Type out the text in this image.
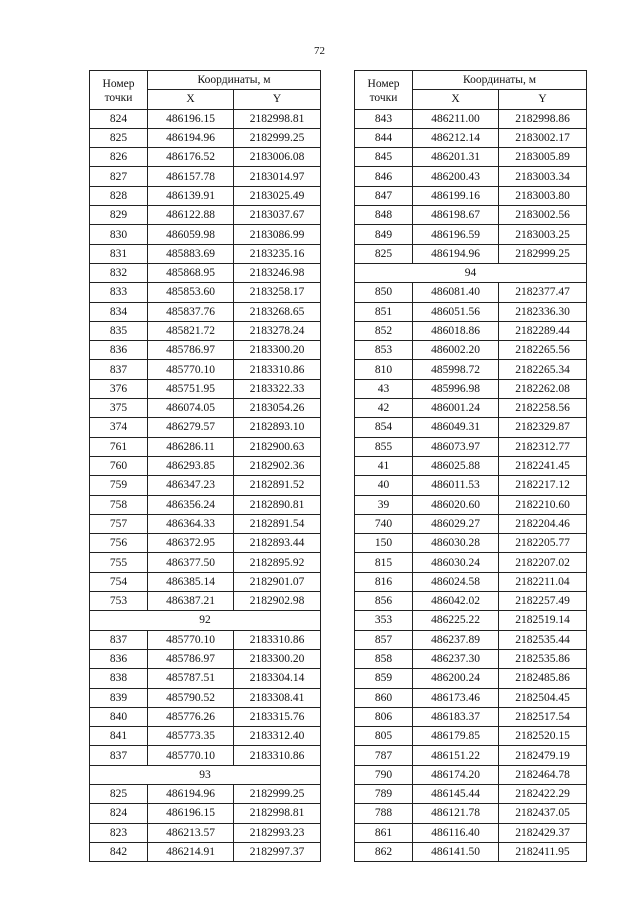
72
Номер
точки	Координаты, м	
	X	Y
824	486196.15	2182998.81
825	486194.96	2182999.25
826	486176.52	2183006.08
827	486157.78	2183014.97
828	486139.91	2183025.49
829	486122.88	2183037.67
830	486059.98	2183086.99
831	485883.69	2183235.16
832	485868.95	2183246.98
833	485853.60	2183258.17
834	485837.76	2183268.65
835	485821.72	2183278.24
836	485786.97	2183300.20
837	485770.10	2183310.86
376	485751.95	2183322.33
375	486074.05	2183054.26
374	486279.57	2182893.10
761	486286.11	2182900.63
760	486293.85	2182902.36
759	486347.23	2182891.52
758	486356.24	2182890.81
757	486364.33	2182891.54
756	486372.95	2182893.44
755	486377.50	2182895.92
754	486385.14	2182901.07
753	486387.21	2182902.98
92		
837	485770.10	2183310.86
836	485786.97	2183300.20
838	485787.51	2183304.14
839	485790.52	2183308.41
840	485776.26	2183315.76
841	485773.35	2183312.40
837	485770.10	2183310.86
93		
825	486194.96	2182999.25
824	486196.15	2182998.81
823	486213.57	2182993.23
842	486214.91	2182997.37
Номер
точки	Координаты, м	
	X	Y
843	486211.00	2182998.86
844	486212.14	2183002.17
845	486201.31	2183005.89
846	486200.43	2183003.34
847	486199.16	2183003.80
848	486198.67	2183002.56
849	486196.59	2183003.25
825	486194.96	2182999.25
94		
850	486081.40	2182377.47
851	486051.56	2182336.30
852	486018.86	2182289.44
853	486002.20	2182265.56
810	485998.72	2182265.34
43	485996.98	2182262.08
42	486001.24	2182258.56
854	486049.31	2182329.87
855	486073.97	2182312.77
41	486025.88	2182241.45
40	486011.53	2182217.12
39	486020.60	2182210.60
740	486029.27	2182204.46
150	486030.28	2182205.77
815	486030.24	2182207.02
816	486024.58	2182211.04
856	486042.02	2182257.49
353	486225.22	2182519.14
857	486237.89	2182535.44
858	486237.30	2182535.86
859	486200.24	2182485.86
860	486173.46	2182504.45
806	486183.37	2182517.54
805	486179.85	2182520.15
787	486151.22	2182479.19
790	486174.20	2182464.78
789	486145.44	2182422.29
788	486121.78	2182437.05
861	486116.40	2182429.37
862	486141.50	2182411.95
